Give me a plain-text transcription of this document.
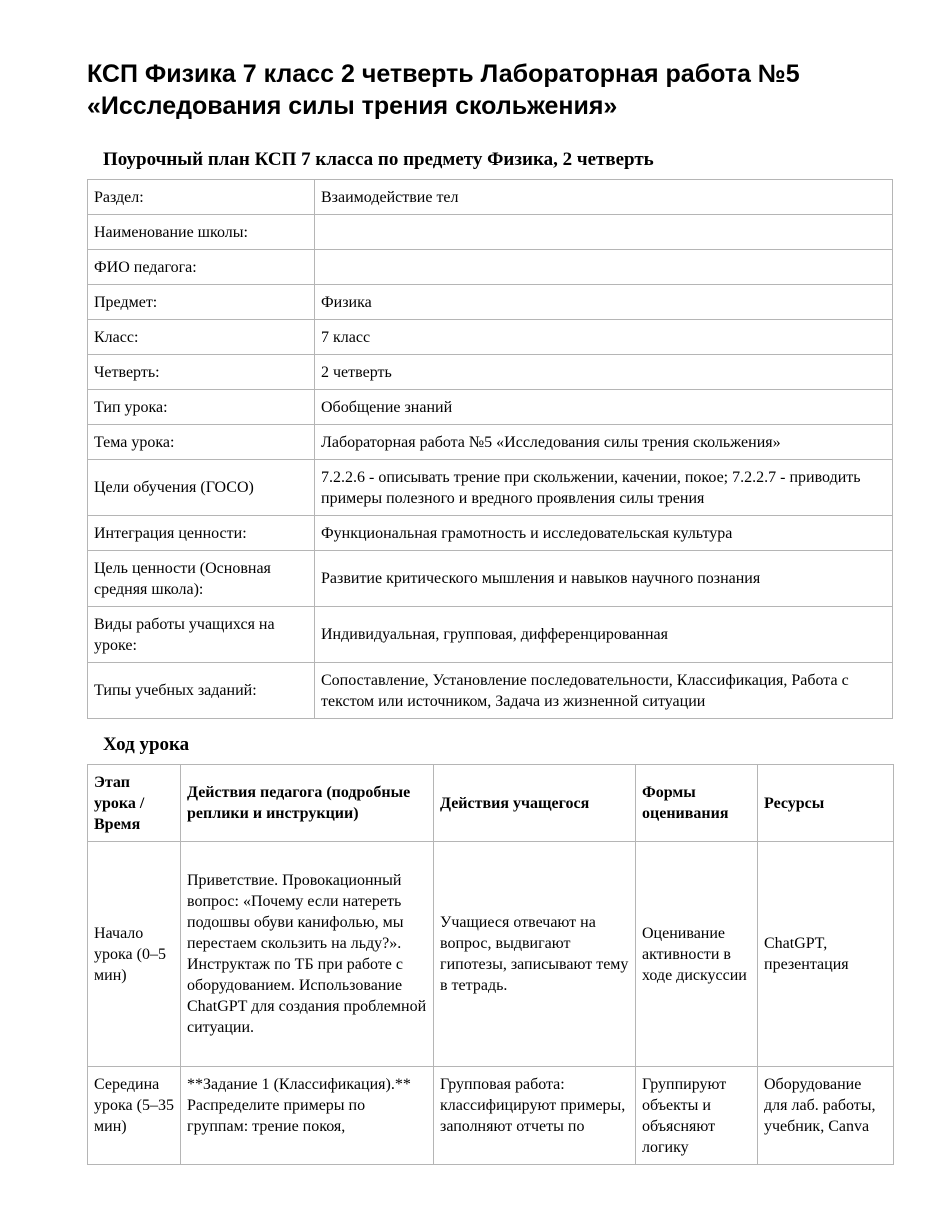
КСП Физика 7 класс 2 четверть Лабораторная работа №5
«Исследования силы трения скольжения»

Поурочный план КСП 7 класса по предмету Физика, 2 четверть

Раздел:	Взаимодействие тел
Наименование школы:	
ФИО педагога:	
Предмет:	Физика
Класс:	7 класс
Четверть:	2 четверть
Тип урока:	Обобщение знаний
Тема урока:	Лабораторная работа №5 «Исследования силы трения скольжения»
Цели обучения (ГОСО)	7.2.2.6 - описывать трение при скольжении, качении, покое; 7.2.2.7 - приводить примеры полезного и вредного проявления силы трения
Интеграция ценности:	Функциональная грамотность и исследовательская культура
Цель ценности (Основная средняя школа):	Развитие критического мышления и навыков научного познания
Виды работы учащихся на уроке:	Индивидуальная, групповая, дифференцированная
Типы учебных заданий:	Сопоставление, Установление последовательности, Классификация, Работа с текстом или источником, Задача из жизненной ситуации

Ход урока

Этап урока / Время	Действия педагога (подробные реплики и инструкции)	Действия учащегося	Формы оценивания	Ресурсы
Начало урока (0–5 мин)	Приветствие. Провокационный вопрос: «Почему если натереть подошвы обуви канифолью, мы перестаем скользить на льду?». Инструктаж по ТБ при работе с оборудованием. Использование ChatGPT для создания проблемной ситуации.	Учащиеся отвечают на вопрос, выдвигают гипотезы, записывают тему в тетрадь.	Оценивание активности в ходе дискуссии	ChatGPT, презентация
Середина урока (5–35 мин)	**Задание 1 (Классификация).** Распределите примеры по группам: трение покоя,	Групповая работа: классифицируют примеры, заполняют отчеты по	Группируют объекты и объясняют логику	Оборудование для лаб. работы, учебник, Canva
